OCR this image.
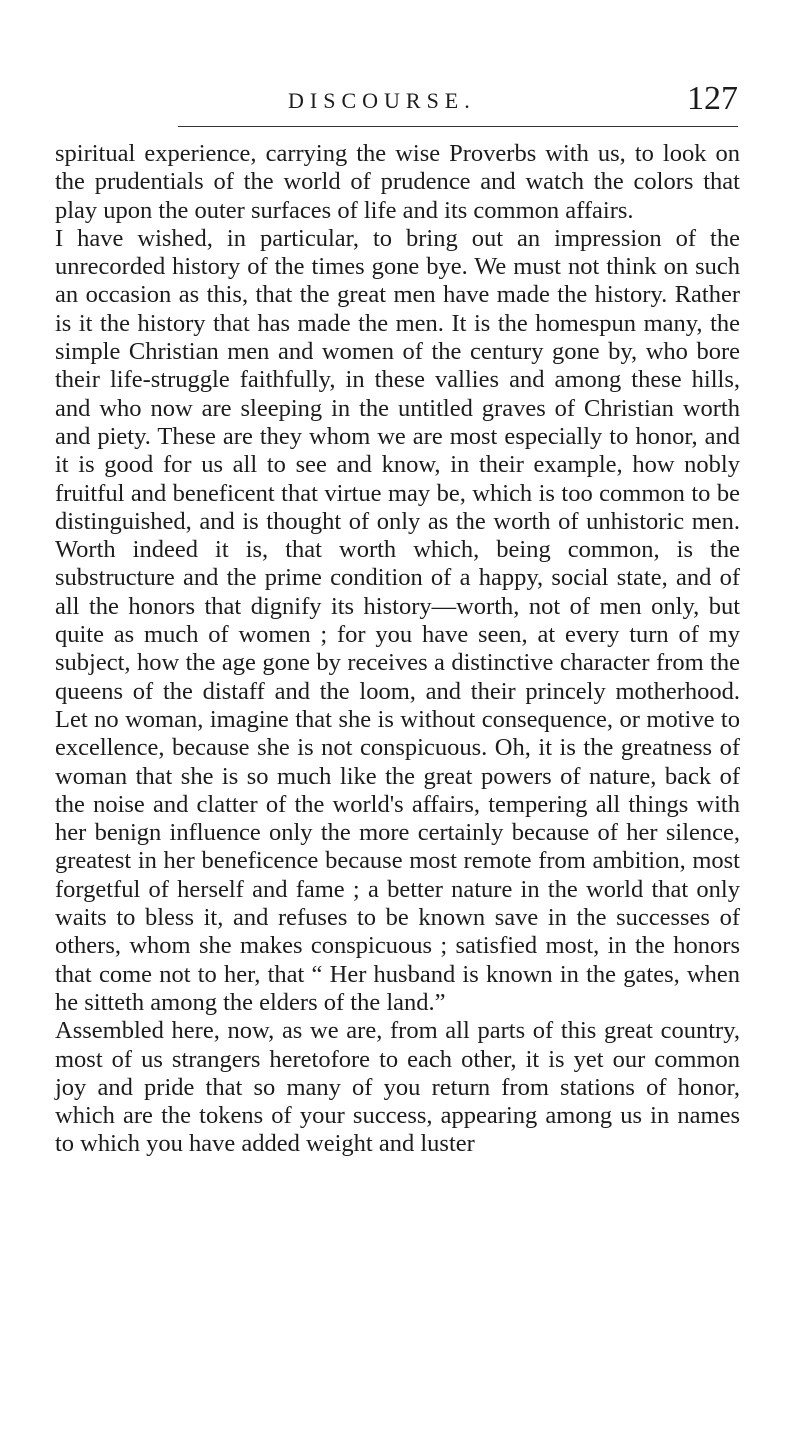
DISCOURSE.	127

spiritual experience, carrying the wise Proverbs with us, to look on the prudentials of the world of prudence and watch the colors that play upon the outer surfaces of life and its common affairs.

I have wished, in particular, to bring out an impression of the unrecorded history of the times gone bye. We must not think on such an occasion as this, that the great men have made the history. Rather is it the history that has made the men. It is the homespun many, the simple Christian men and women of the century gone by, who bore their life-struggle faithfully, in these vallies and among these hills, and who now are sleeping in the untitled graves of Christian worth and piety. These are they whom we are most especially to honor, and it is good for us all to see and know, in their example, how nobly fruitful and beneficent that virtue may be, which is too common to be distinguished, and is thought of only as the worth of unhistoric men. Worth indeed it is, that worth which, being common, is the substructure and the prime condition of a happy, social state, and of all the honors that dignify its history—worth, not of men only, but quite as much of women ; for you have seen, at every turn of my subject, how the age gone by receives a distinctive character from the queens of the distaff and the loom, and their princely motherhood. Let no woman, imagine that she is without consequence, or motive to excellence, because she is not conspicuous. Oh, it is the greatness of woman that she is so much like the great powers of nature, back of the noise and clatter of the world's affairs, tempering all things with her benign influence only the more certainly because of her silence, greatest in her beneficence because most remote from ambition, most forgetful of herself and fame ; a better nature in the world that only waits to bless it, and refuses to be known save in the successes of others, whom she makes conspicuous ; satisfied most, in the honors that come not to her, that “ Her husband is known in the gates, when he sitteth among the elders of the land.”

Assembled here, now, as we are, from all parts of this great country, most of us strangers heretofore to each other, it is yet our common joy and pride that so many of you return from stations of honor, which are the tokens of your success, appearing among us in names to which you have added weight and luster
